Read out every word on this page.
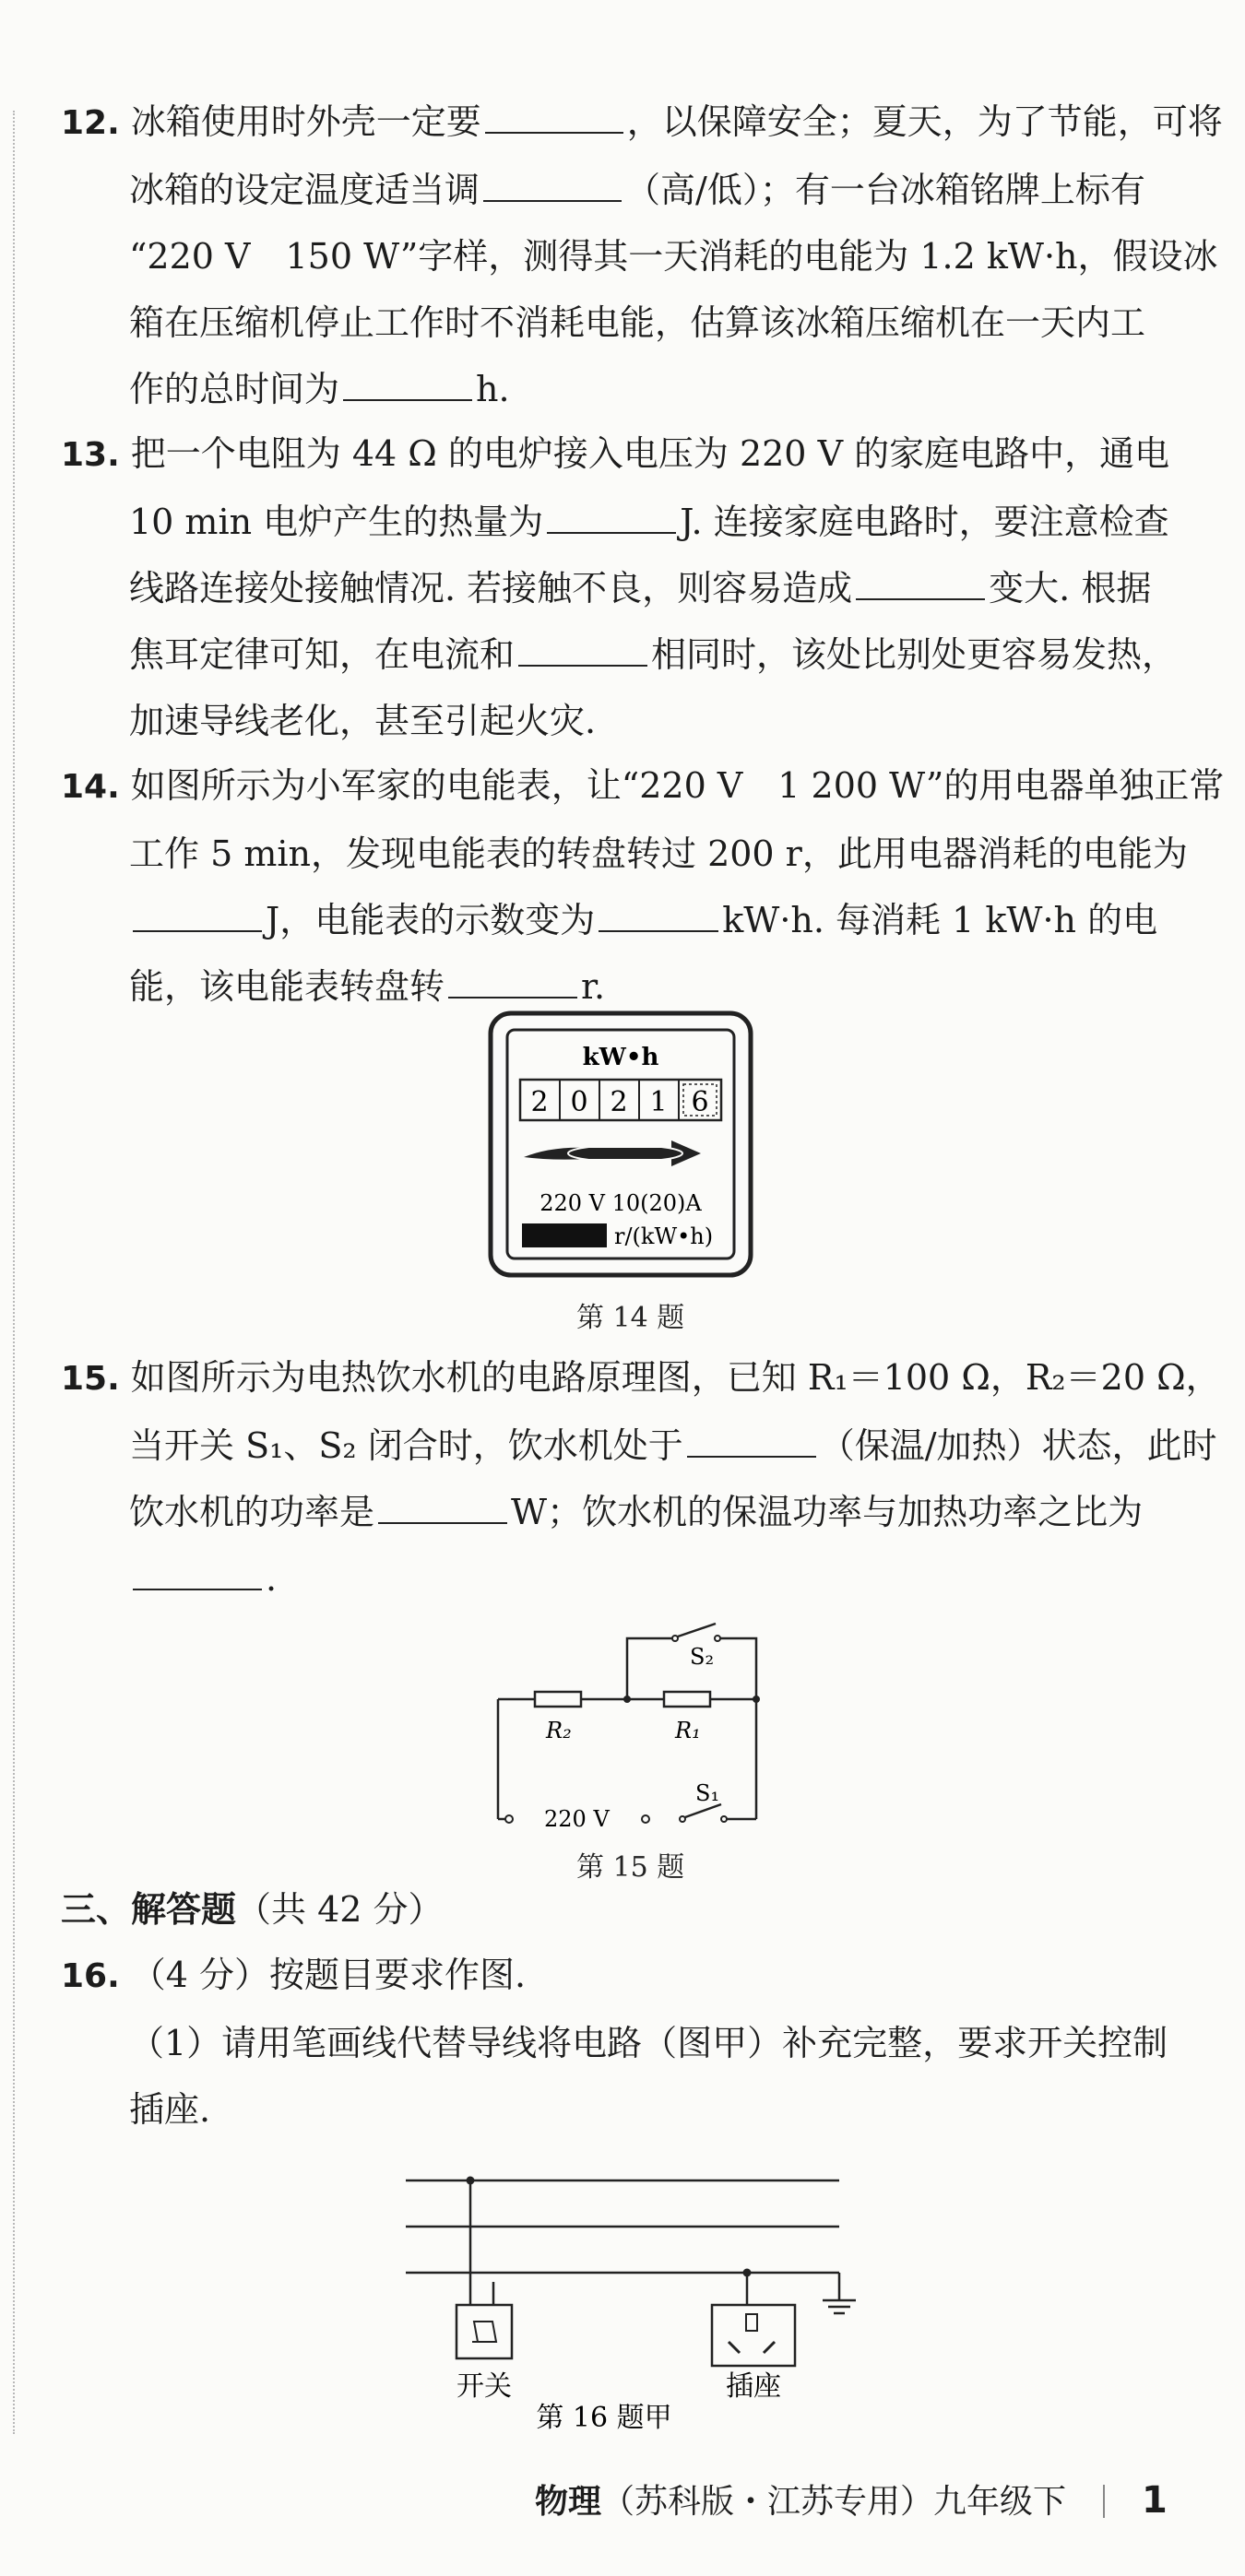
12. 冰箱使用时外壳一定要	，以保障安全；夏天，为了节能，可将
冰箱的设定温度适当调	（高/低）；有一台冰箱铭牌上标有
“220 V　150 W”字样，测得其一天消耗的电能为 1.2 kW·h，假设冰
箱在压缩机停止工作时不消耗电能，估算该冰箱压缩机在一天内工
作的总时间为	h.
13. 把一个电阻为 44 Ω 的电炉接入电压为 220 V 的家庭电路中，通电
10 min 电炉产生的热量为	J. 连接家庭电路时，要注意检查
线路连接处接触情况. 若接触不良，则容易造成	变大. 根据
焦耳定律可知，在电流和	相同时，该处比别处更容易发热，
加速导线老化，甚至引起火灾.
14. 如图所示为小军家的电能表，让“220 V　1 200 W”的用电器单独正常
工作 5 min，发现电能表的转盘转过 200 r，此用电器消耗的电能为
J，电能表的示数变为	kW·h. 每消耗 1 kW·h 的电
能，该电能表转盘转	r.
kW•h
2 0 2 1 6
220 V 10(20)A
r/(kW•h)
第 14 题
15. 如图所示为电热饮水机的电路原理图，已知 R₁＝100 Ω，R₂＝20 Ω，
当开关 S₁、S₂ 闭合时，饮水机处于	（保温/加热）状态，此时
饮水机的功率是	W；饮水机的保温功率与加热功率之比为
.
S₂
R₂	R₁
220 V
S₁
第 15 题
三、解答题（共 42 分）
16. （4 分）按题目要求作图.
（1）请用笔画线代替导线将电路（图甲）补充完整，要求开关控制
插座.
开关	插座
第 16 题甲
物理（苏科版・江苏专用）九年级下 1
